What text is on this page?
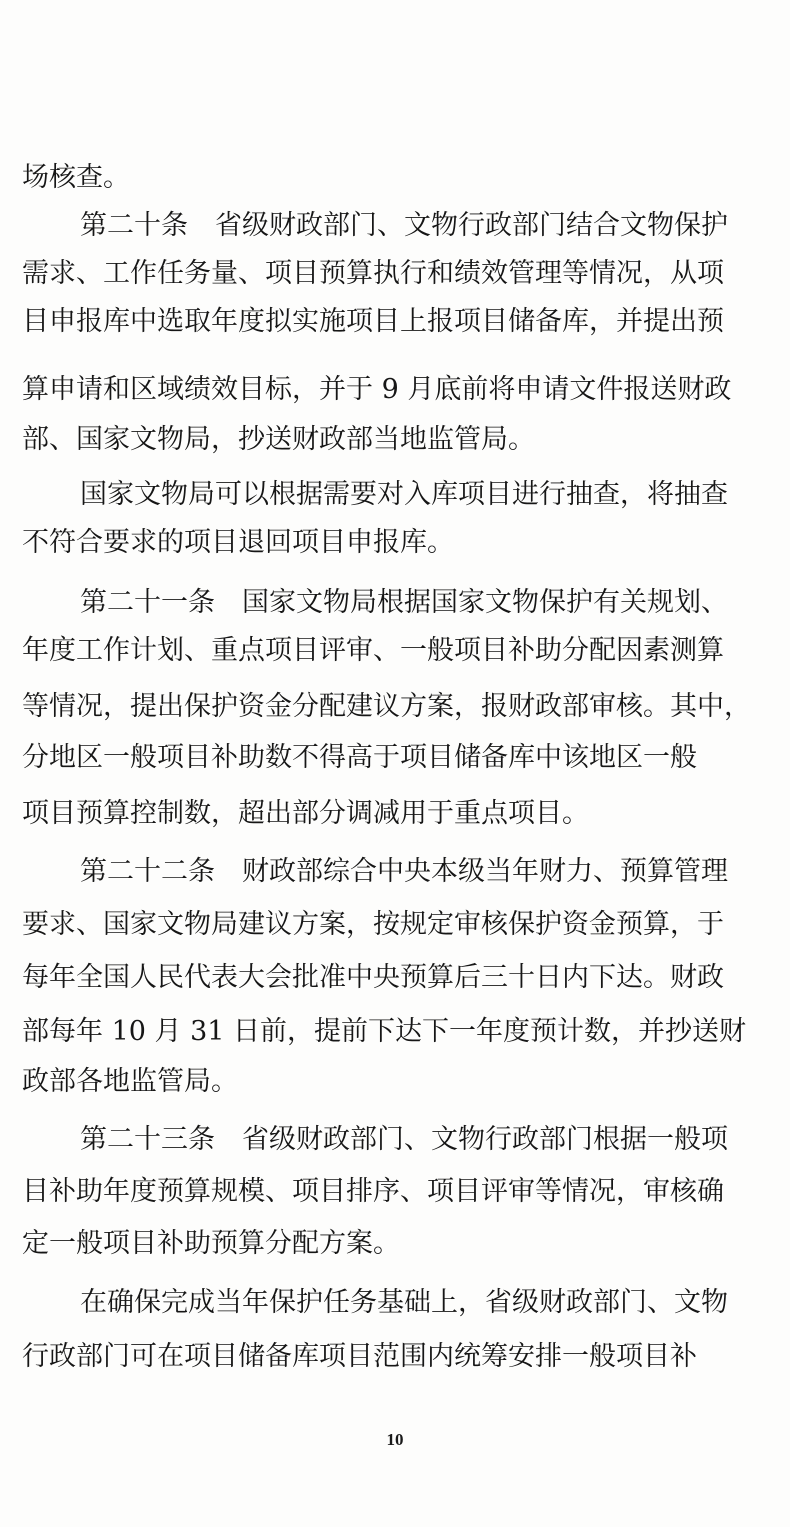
场核查。
第二十条　省级财政部门、文物行政部门结合文物保护
需求、工作任务量、项目预算执行和绩效管理等情况，从项
目申报库中选取年度拟实施项目上报项目储备库，并提出预
算申请和区域绩效目标，并于 9 月底前将申请文件报送财政
部、国家文物局，抄送财政部当地监管局。
国家文物局可以根据需要对入库项目进行抽查，将抽查
不符合要求的项目退回项目申报库。
第二十一条　国家文物局根据国家文物保护有关规划、
年度工作计划、重点项目评审、一般项目补助分配因素测算
等情况，提出保护资金分配建议方案，报财政部审核。其中，
分地区一般项目补助数不得高于项目储备库中该地区一般
项目预算控制数，超出部分调减用于重点项目。
第二十二条　财政部综合中央本级当年财力、预算管理
要求、国家文物局建议方案，按规定审核保护资金预算，于
每年全国人民代表大会批准中央预算后三十日内下达。财政
部每年 10 月 31 日前，提前下达下一年度预计数，并抄送财
政部各地监管局。
第二十三条　省级财政部门、文物行政部门根据一般项
目补助年度预算规模、项目排序、项目评审等情况，审核确
定一般项目补助预算分配方案。
在确保完成当年保护任务基础上，省级财政部门、文物
行政部门可在项目储备库项目范围内统筹安排一般项目补
10
